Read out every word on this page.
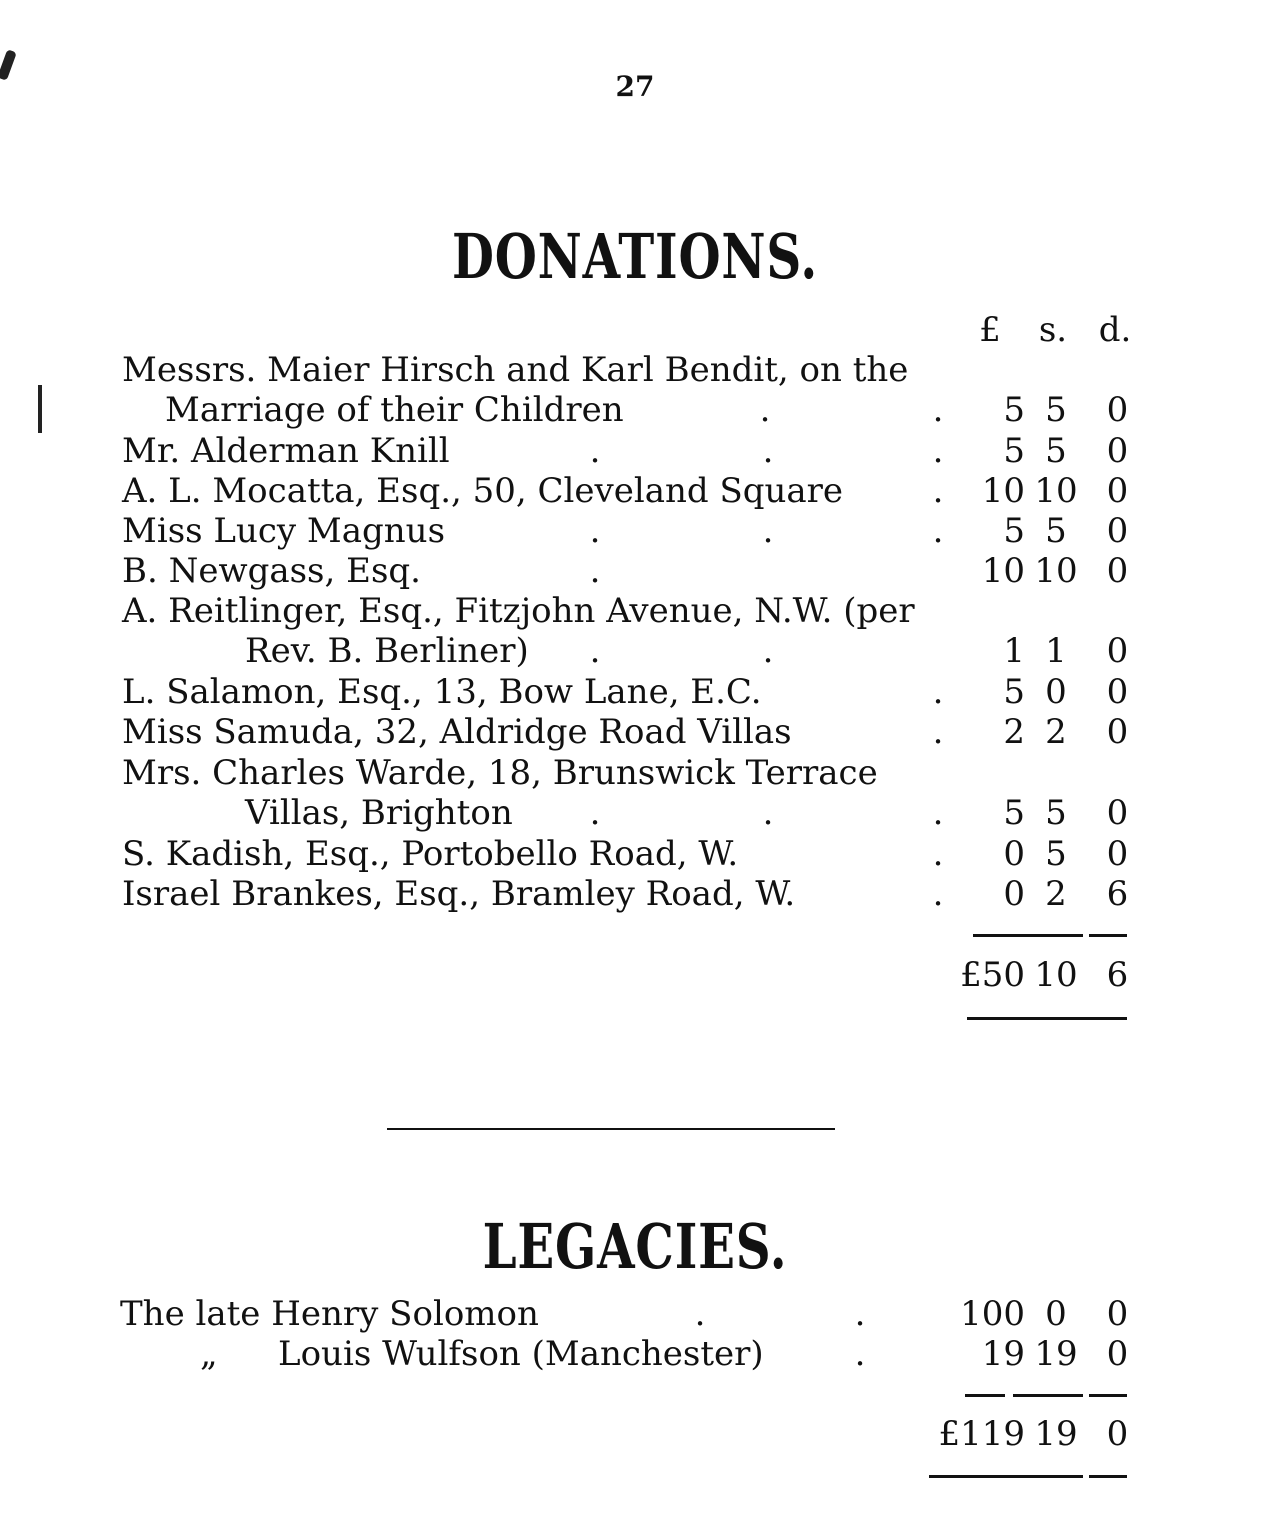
27
DONATIONS.
£	s. d.
Messrs. Maier Hirsch and Karl Bendit, on the
Marriage of their Children	.	.	5 5	0
Mr. Alderman Knill	.	.	.	5 5	0
A. L. Mocatta, Esq., 50, Cleveland Square	.	10 10 0
Miss Lucy Magnus	.	.	.	5 5	0
B. Newgass, Esq.	.	10 10 0
A. Reitlinger, Esq., Fitzjohn Avenue, N.W. (per
Rev. B. Berliner) .	.	1 1	0
L. Salamon, Esq., 13, Bow Lane, E.C.	.	5 0	0
Miss Samuda, 32, Aldridge Road Villas	.	2 2	0
Mrs. Charles Warde, 18, Brunswick Terrace
Villas, Brighton .	.	.	5 5	0
S. Kadish, Esq., Portobello Road, W.	.	0 5	0
Israel Brankes, Esq., Bramley Road, W.	.	0 2	6
£50 10 6
LEGACIES.
The late Henry Solomon	.	.	100 0	0
„ Louis Wulfson (Manchester)	.	19 19 0
£119 19 0
